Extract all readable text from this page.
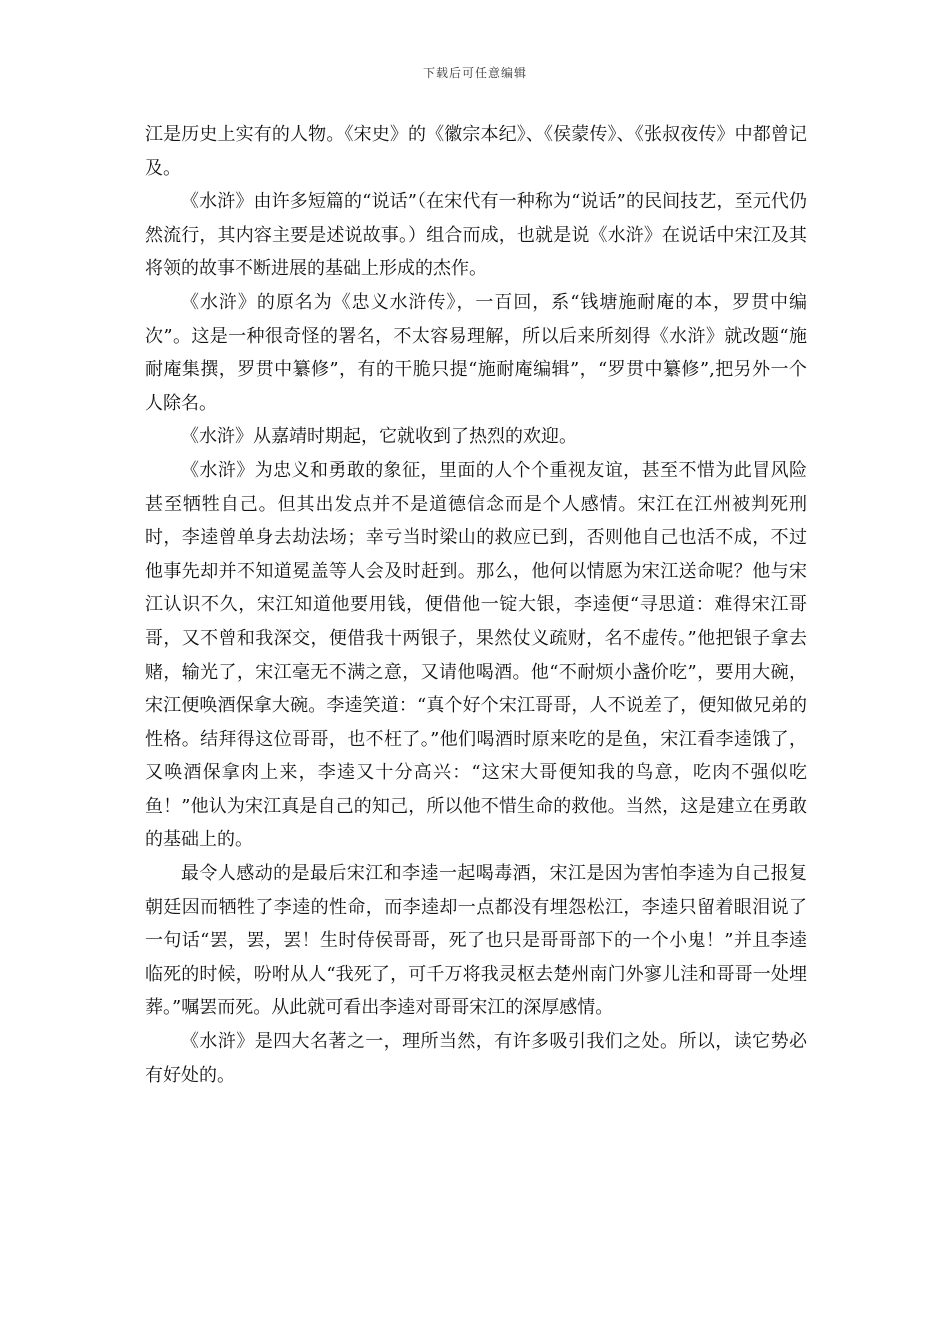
下载后可任意编辑

江是历史上实有的人物。《宋史》的《徽宗本纪》、《侯蒙传》、《张叔夜传》中都曾记及。

《水浒》由许多短篇的“说话”（在宋代有一种称为“说话”的民间技艺，至元代仍然流行，其内容主要是述说故事。）组合而成，也就是说《水浒》在说话中宋江及其将领的故事不断进展的基础上形成的杰作。

《水浒》的原名为《忠义水浒传》，一百回，系“钱塘施耐庵的本，罗贯中编次”。这是一种很奇怪的署名，不太容易理解，所以后来所刻得《水浒》就改题“施耐庵集撰，罗贯中纂修”，有的干脆只提“施耐庵编辑”，“罗贯中纂修”,把另外一个人除名。

《水浒》从嘉靖时期起，它就收到了热烈的欢迎。

《水浒》为忠义和勇敢的象征，里面的人个个重视友谊，甚至不惜为此冒风险甚至牺牲自己。但其出发点并不是道德信念而是个人感情。宋江在江州被判死刑时，李逵曾单身去劫法场；幸亏当时梁山的救应已到，否则他自己也活不成，不过他事先却并不知道冕盖等人会及时赶到。那么，他何以情愿为宋江送命呢？他与宋江认识不久，宋江知道他要用钱，便借他一锭大银，李逵便“寻思道：难得宋江哥哥，又不曾和我深交，便借我十两银子，果然仗义疏财，名不虚传。”他把银子拿去赌，输光了，宋江毫无不满之意，又请他喝酒。他“不耐烦小盏价吃”，要用大碗，宋江便唤酒保拿大碗。李逵笑道：“真个好个宋江哥哥，人不说差了，便知做兄弟的性格。结拜得这位哥哥，也不枉了。”他们喝酒时原来吃的是鱼，宋江看李逵饿了，又唤酒保拿肉上来，李逵又十分高兴：“这宋大哥便知我的鸟意，吃肉不强似吃鱼！”他认为宋江真是自己的知己，所以他不惜生命的救他。当然，这是建立在勇敢的基础上的。

最令人感动的是最后宋江和李逵一起喝毒酒，宋江是因为害怕李逵为自己报复朝廷因而牺牲了李逵的性命，而李逵却一点都没有埋怨松江，李逵只留着眼泪说了一句话“罢，罢，罢！生时侍侯哥哥，死了也只是哥哥部下的一个小鬼！”并且李逵临死的时候，吩咐从人“我死了，可千万将我灵枢去楚州南门外寥儿洼和哥哥一处埋葬。”嘱罢而死。从此就可看出李逵对哥哥宋江的深厚感情。

《水浒》是四大名著之一，理所当然，有许多吸引我们之处。所以，读它势必有好处的。
